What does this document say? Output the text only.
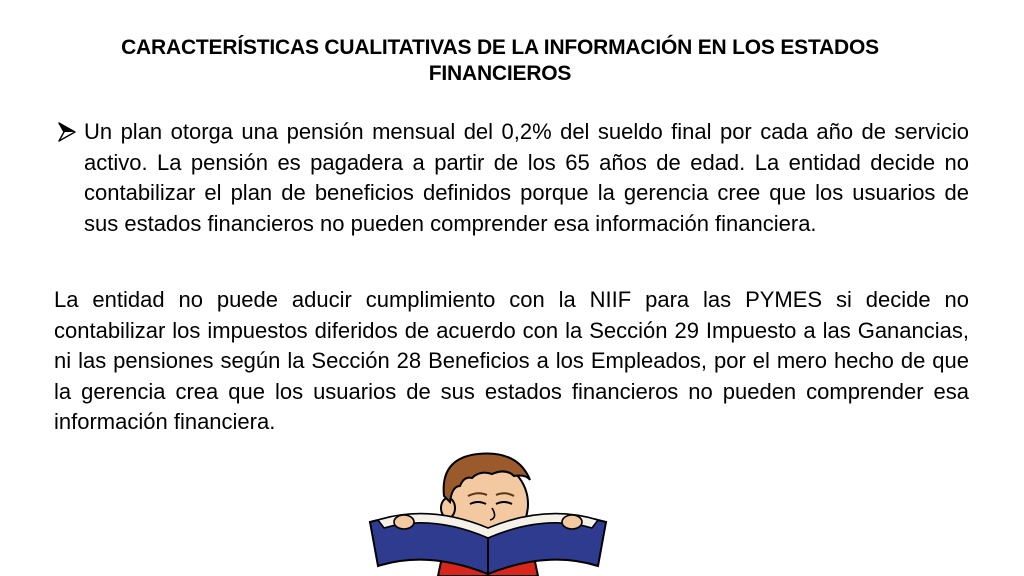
CARACTERÍSTICAS CUALITATIVAS DE LA INFORMACIÓN EN LOS ESTADOS FINANCIEROS
Un plan otorga una pensión mensual del 0,2% del sueldo final por cada año de servicio activo. La pensión es pagadera a partir de los 65 años de edad. La entidad decide no contabilizar el plan de beneficios definidos porque la gerencia cree que los usuarios de sus estados financieros no pueden comprender esa información financiera.
La entidad no puede aducir cumplimiento con la NIIF para las PYMES si decide no contabilizar los impuestos diferidos de acuerdo con la Sección 29 Impuesto a las Ganancias, ni las pensiones según la Sección 28 Beneficios a los Empleados, por el mero hecho de que la gerencia crea que los usuarios de sus estados financieros no pueden comprender esa información financiera.
